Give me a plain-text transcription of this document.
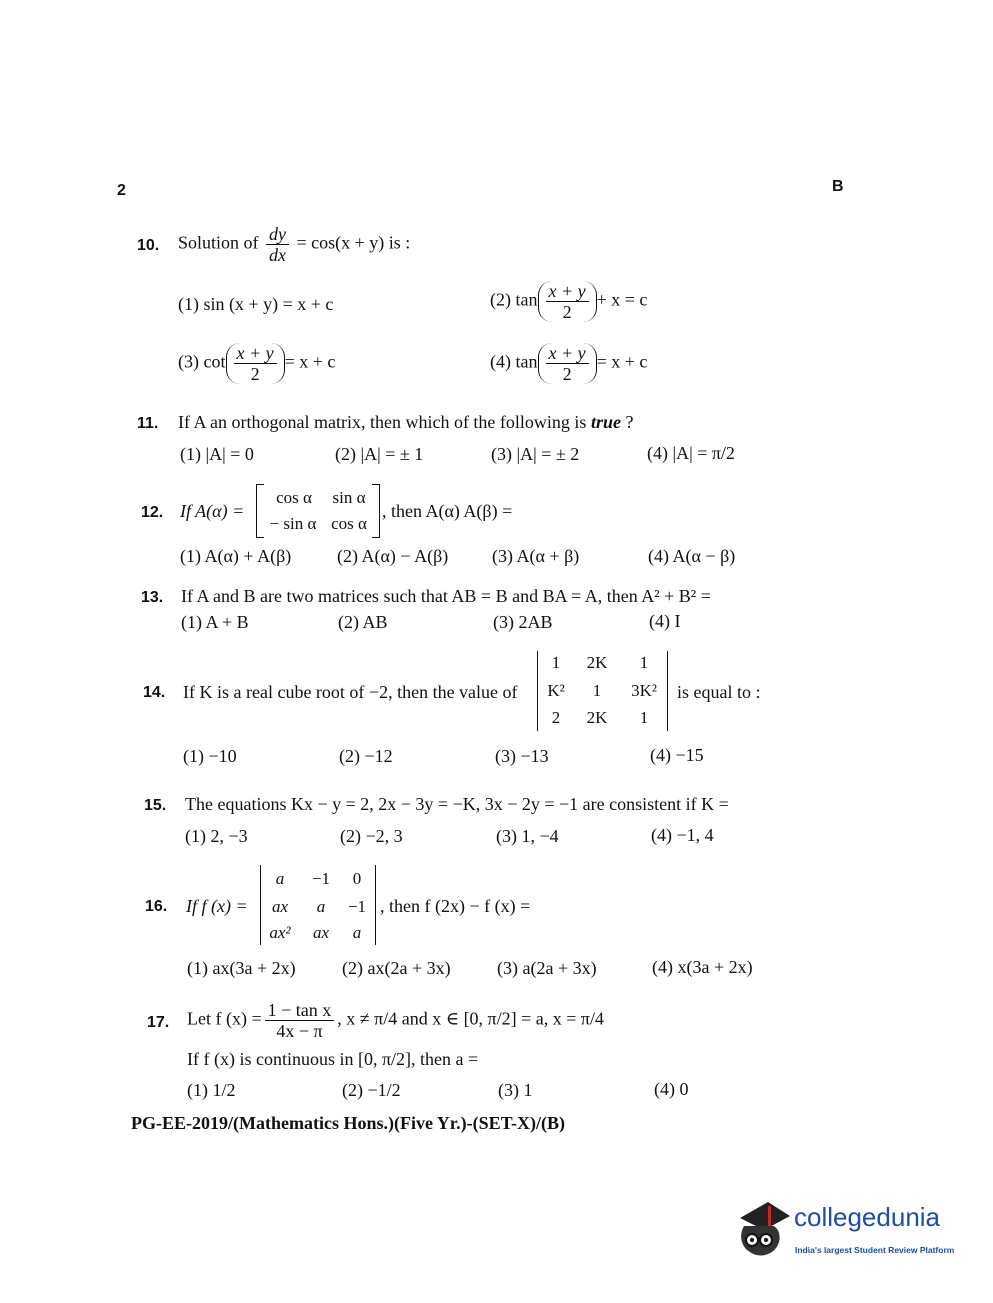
2	B
10. Solution of $\frac{dy}{dx} = \cos(x + y)$ is :
(1) sin (x + y) = x + c	(2) $\tan \frac{x + y}{2} + x = c$
(3) $\cot \frac{x + y}{2} = x + c$	(4) $\tan \frac{x + y}{2} = x + c$
11. If A an orthogonal matrix, then which of the following is true ?
(1) |A| = 0	(2) |A| = ± 1	(3) |A| = ± 2	(4) |A| = π/2
12. If A(α) =
cos α	sin α
− sin α cos α
, then A(α) A(β) =
(1) A(α) + A(β)	(2) A(α) − A(β) (3) A(α + β)	(4) A(α − β)
13. If A and B are two matrices such that AB = B and BA = A, then A² + B² =
(1) A + B	(2) AB	(3) 2AB	(4) I
14. If K is a real cube root of −2, then the value of
1	2K	1
K²	1	3K²
2	2K	1
is equal to :
(1) −10	(2) −12	(3) −13	(4) −15
15. The equations Kx − y = 2, 2x − 3y = −K, 3x − 2y = −1 are consistent if K =
(1) 2, −3	(2) −2, 3	(3) 1, −4	(4) −1, 4
16. If f (x) =
a	−1	0
ax	a	−1
ax²	ax	a
, then f (2x) − f (x) =
(1) ax(3a + 2x)	(2) ax(2a + 3x)	(3) a(2a + 3x)	(4) x(3a + 2x)
17. Let f $(x) = \frac{\text{1 − tan x}}{4x - \pi}$ , x ≠ π/4 and x ∈ [0, π/2] = a, x = π/4
If f (x) is continuous in [0, π/2], then a =
(1) 1/2	(2) −1/2	(3) 1	(4) 0
PG-EE-2019/(Mathematics Hons.)(Five Yr.)-(SET-X)/(B)
collegedunia
India's largest Student Review Platform
